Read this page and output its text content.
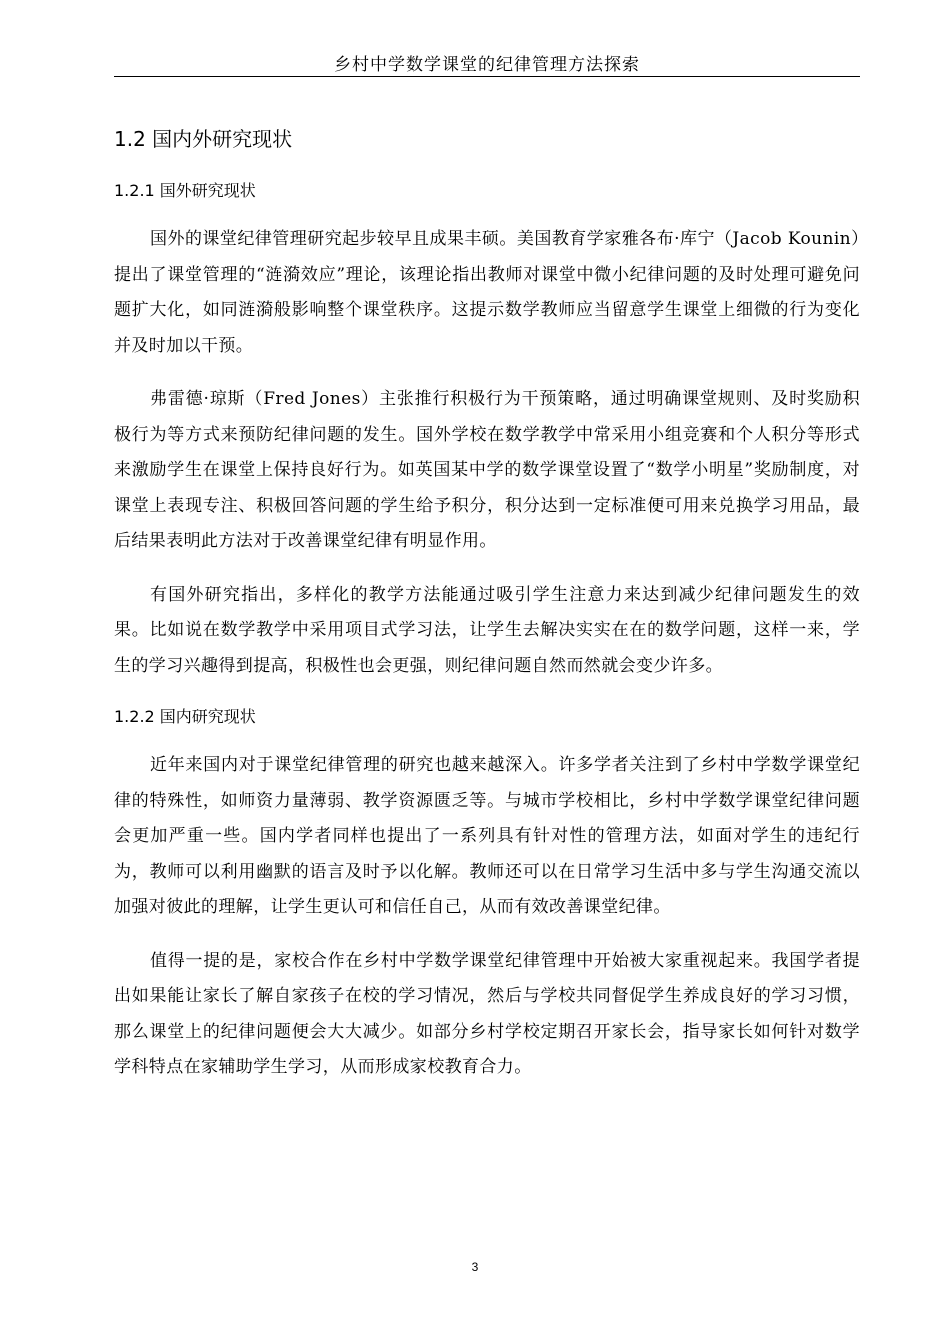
乡村中学数学课堂的纪律管理方法探索
1.2 国内外研究现状
1.2.1 国外研究现状

国外的课堂纪律管理研究起步较早且成果丰硕。美国教育学家雅各布·库宁（Jacob Kounin）提出了课堂管理的“涟漪效应”理论，该理论指出教师对课堂中微小纪律问题的及时处理可避免问题扩大化，如同涟漪般影响整个课堂秩序。这提示数学教师应当留意学生课堂上细微的行为变化并及时加以干预。

弗雷德·琼斯（Fred Jones）主张推行积极行为干预策略，通过明确课堂规则、及时奖励积极行为等方式来预防纪律问题的发生。国外学校在数学教学中常采用小组竞赛和个人积分等形式来激励学生在课堂上保持良好行为。如英国某中学的数学课堂设置了“数学小明星”奖励制度，对课堂上表现专注、积极回答问题的学生给予积分，积分达到一定标准便可用来兑换学习用品，最后结果表明此方法对于改善课堂纪律有明显作用。

有国外研究指出，多样化的教学方法能通过吸引学生注意力来达到减少纪律问题发生的效果。比如说在数学教学中采用项目式学习法，让学生去解决实实在在的数学问题，这样一来，学生的学习兴趣得到提高，积极性也会更强，则纪律问题自然而然就会变少许多。

1.2.2 国内研究现状

近年来国内对于课堂纪律管理的研究也越来越深入。许多学者关注到了乡村中学数学课堂纪律的特殊性，如师资力量薄弱、教学资源匮乏等。与城市学校相比，乡村中学数学课堂纪律问题会更加严重一些。国内学者同样也提出了一系列具有针对性的管理方法，如面对学生的违纪行为，教师可以利用幽默的语言及时予以化解。教师还可以在日常学习生活中多与学生沟通交流以加强对彼此的理解，让学生更认可和信任自己，从而有效改善课堂纪律。

值得一提的是，家校合作在乡村中学数学课堂纪律管理中开始被大家重视起来。我国学者提出如果能让家长了解自家孩子在校的学习情况，然后与学校共同督促学生养成良好的学习习惯，那么课堂上的纪律问题便会大大减少。如部分乡村学校定期召开家长会，指导家长如何针对数学学科特点在家辅助学生学习，从而形成家校教育合力。

3
